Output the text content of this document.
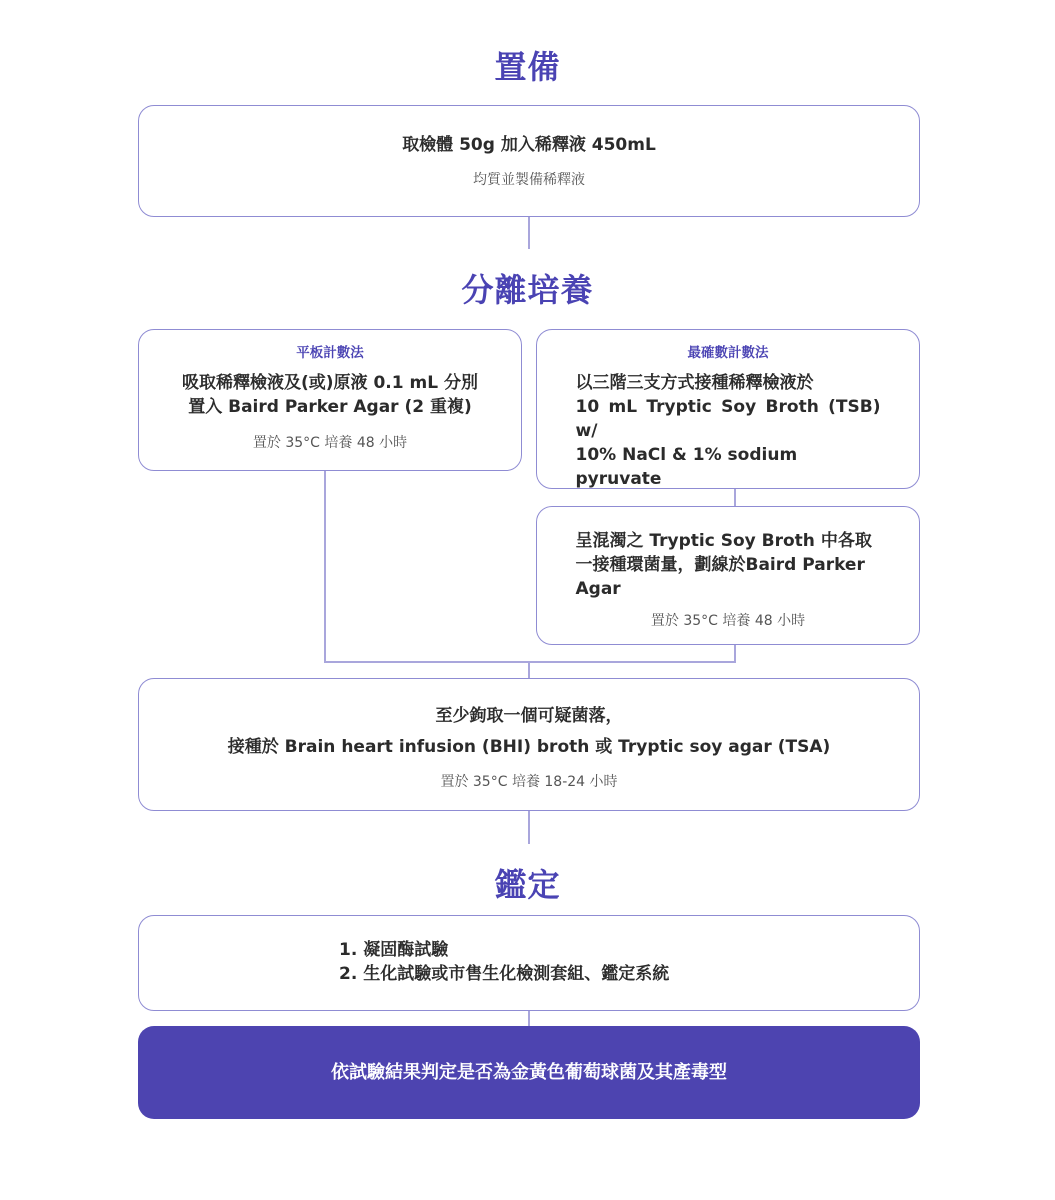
置備
取檢體 50g 加入稀釋液 450mL
均質並製備稀釋液
分離培養
平板計數法
吸取稀釋檢液及(或)原液 0.1 mL 分別
置入 Baird Parker Agar (2 重複)
置於 35°C 培養 48 小時
最確數計數法
以三階三支方式接種稀釋檢液於
10 mL Tryptic Soy Broth (TSB) w/
10% NaCl & 1% sodium pyruvate
呈混濁之 Tryptic Soy Broth 中各取
一接種環菌量，劃線於Baird Parker
Agar
置於 35°C 培養 48 小時
至少鉤取一個可疑菌落，
接種於 Brain heart infusion (BHI) broth 或 Tryptic soy agar (TSA)
置於 35°C 培養 18-24 小時
鑑定
1. 凝固酶試驗
2. 生化試驗或市售生化檢測套組、鑑定系統
依試驗結果判定是否為金黃色葡萄球菌及其產毒型
